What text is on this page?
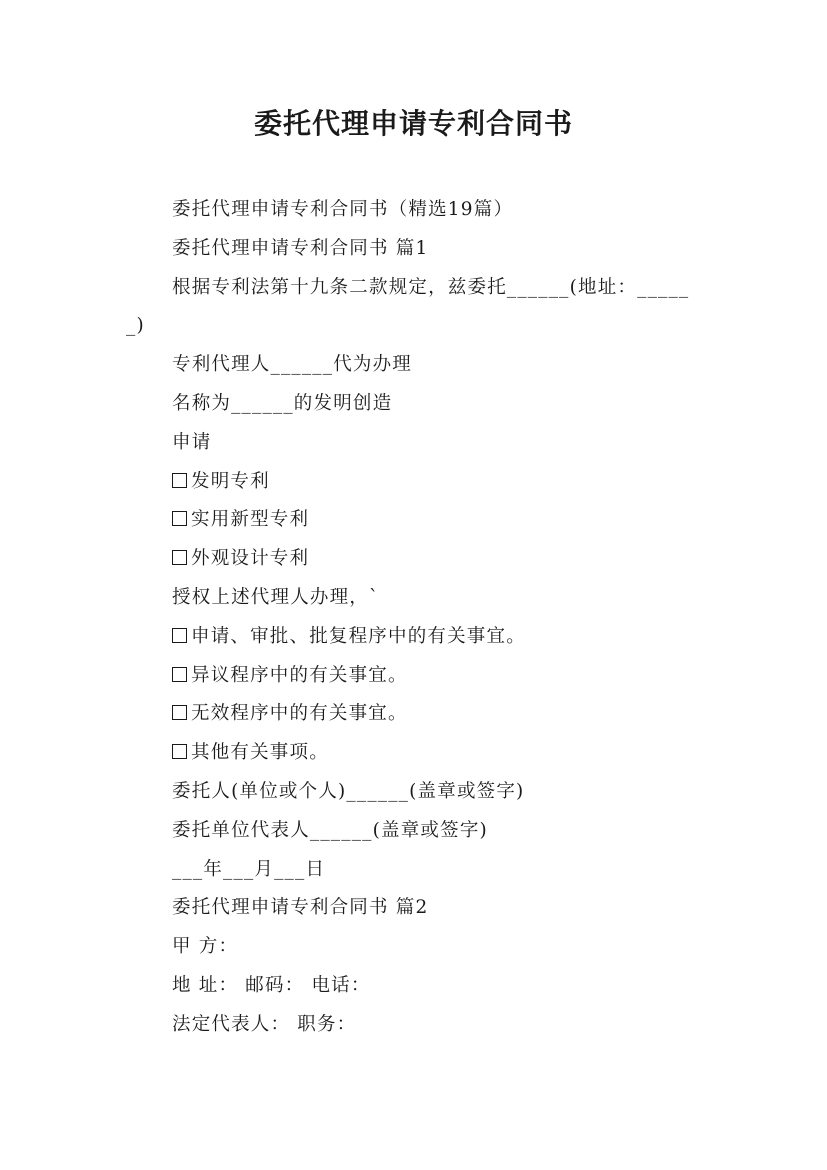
委托代理申请专利合同书

委托代理申请专利合同书（精选19篇）

委托代理申请专利合同书 篇1

根据专利法第十九条二款规定，兹委托______(地址：______)

专利代理人______代为办理

名称为______的发明创造

申请

发明专利

实用新型专利

外观设计专利

授权上述代理人办理，`

申请、审批、批复程序中的有关事宜。

异议程序中的有关事宜。

无效程序中的有关事宜。

其他有关事项。

委托人(单位或个人)______(盖章或签字)

委托单位代表人______(盖章或签字)

___年___月___日

委托代理申请专利合同书 篇2

甲 方：

地 址： 邮码： 电话：

法定代表人： 职务：
